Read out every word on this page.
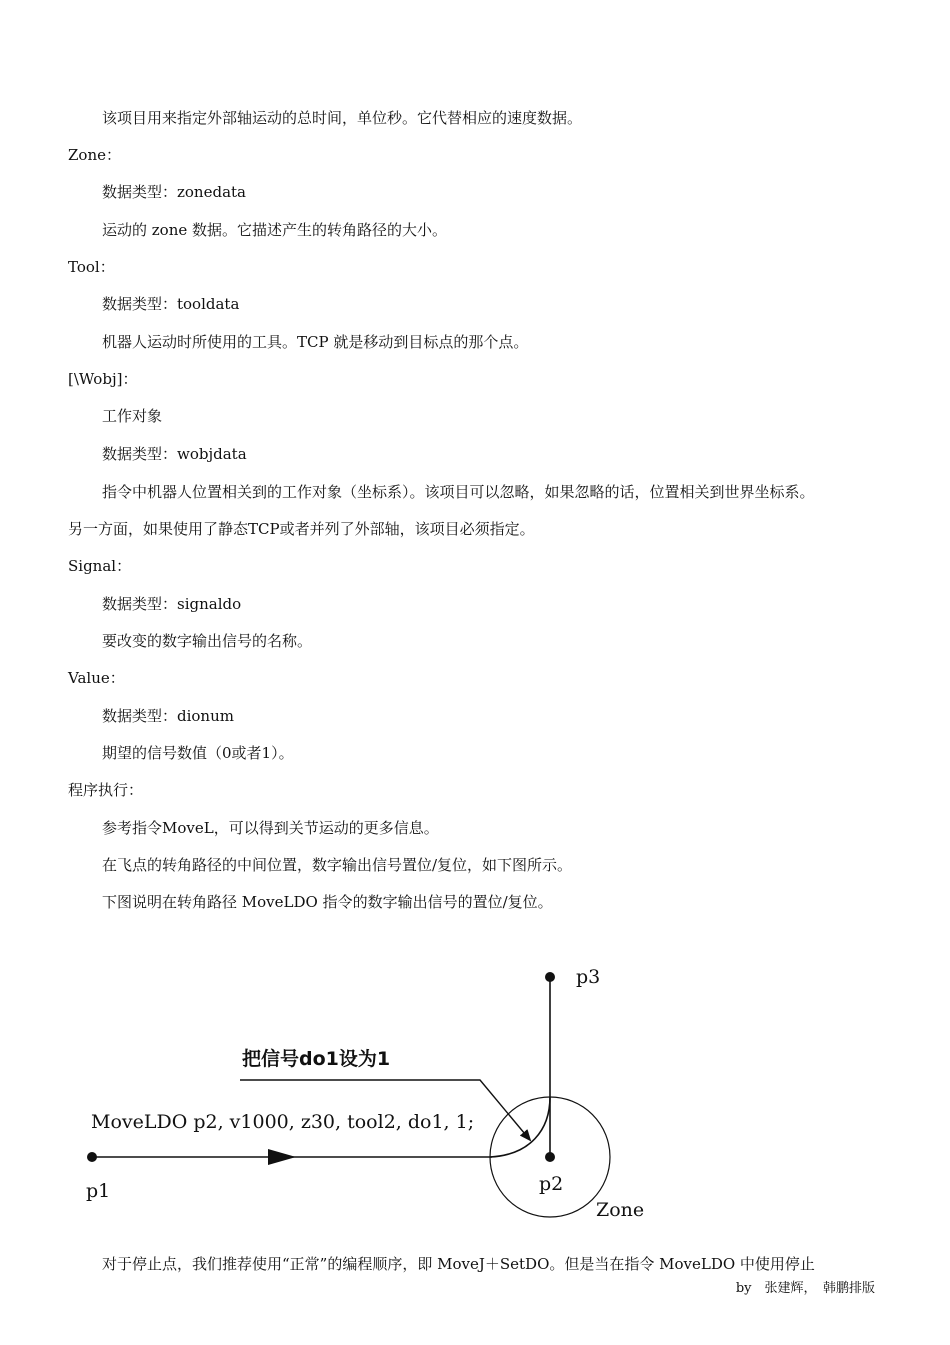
该项目用来指定外部轴运动的总时间，单位秒。它代替相应的速度数据。
Zone：
数据类型：zonedata
运动的 zone 数据。它描述产生的转角路径的大小。
Tool：
数据类型：tooldata
机器人运动时所使用的工具。TCP 就是移动到目标点的那个点。
[\Wobj]：
工作对象
数据类型：wobjdata
指令中机器人位置相关到的工作对象（坐标系）。该项目可以忽略，如果忽略的话，位置相关到世界坐标系。
另一方面，如果使用了静态TCP或者并列了外部轴，该项目必须指定。
Signal：
数据类型：signaldo
要改变的数字输出信号的名称。
Value：
数据类型：dionum
期望的信号数值（0或者1）。
程序执行：
参考指令MoveL，可以得到关节运动的更多信息。
在飞点的转角路径的中间位置，数字输出信号置位/复位，如下图所示。
下图说明在转角路径 MoveLDO 指令的数字输出信号的置位/复位。
p3
p1	p2
Zone
MoveLDO p2, v1000, z30, tool2, do1, 1;
把信号do1设为1
对于停止点，我们推荐使用“正常”的编程顺序，即 MoveJ＋SetDO。但是当在指令 MoveLDO 中使用停止
by　张建辉，　韩鹏排版
